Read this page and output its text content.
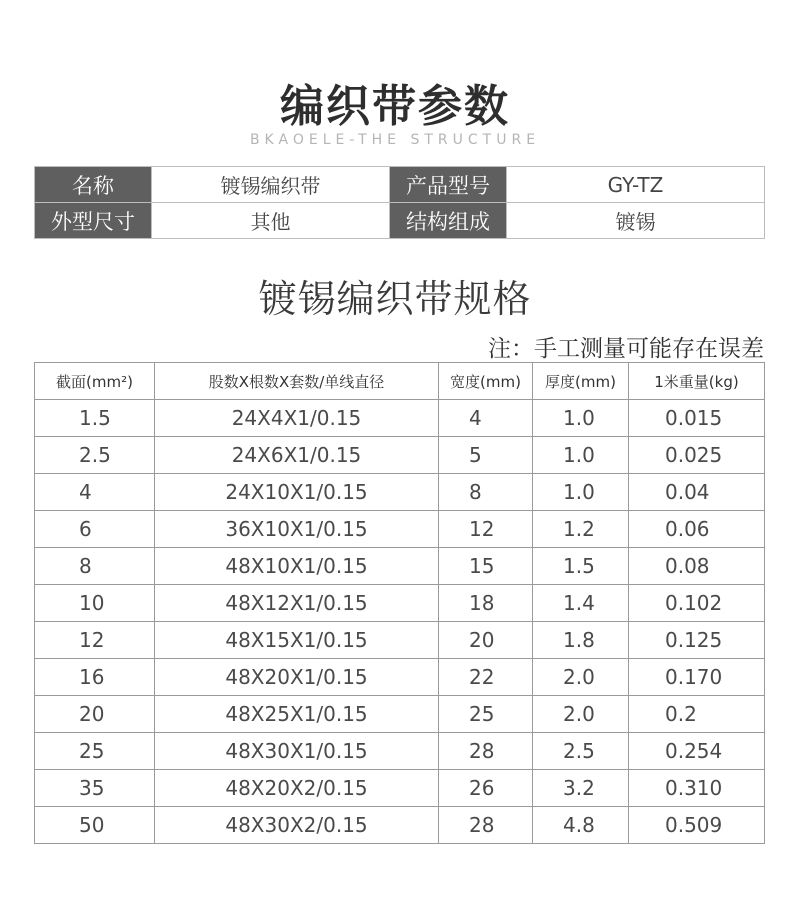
编织带参数
BKAOELE-THE STRUCTURE
名称	镀锡编织带	产品型号	GY-TZ
外型尺寸	其他	结构组成	镀锡
镀锡编织带规格
注：手工测量可能存在误差
截面(mm²)	股数X根数X套数/单线直径	宽度(mm)	厚度(mm)	1米重量(kg)
1.5	24X4X1/0.15	4	1.0	0.015
2.5	24X6X1/0.15	5	1.0	0.025
4	24X10X1/0.15	8	1.0	0.04
6	36X10X1/0.15	12	1.2	0.06
8	48X10X1/0.15	15	1.5	0.08
10	48X12X1/0.15	18	1.4	0.102
12	48X15X1/0.15	20	1.8	0.125
16	48X20X1/0.15	22	2.0	0.170
20	48X25X1/0.15	25	2.0	0.2
25	48X30X1/0.15	28	2.5	0.254
35	48X20X2/0.15	26	3.2	0.310
50	48X30X2/0.15	28	4.8	0.509
